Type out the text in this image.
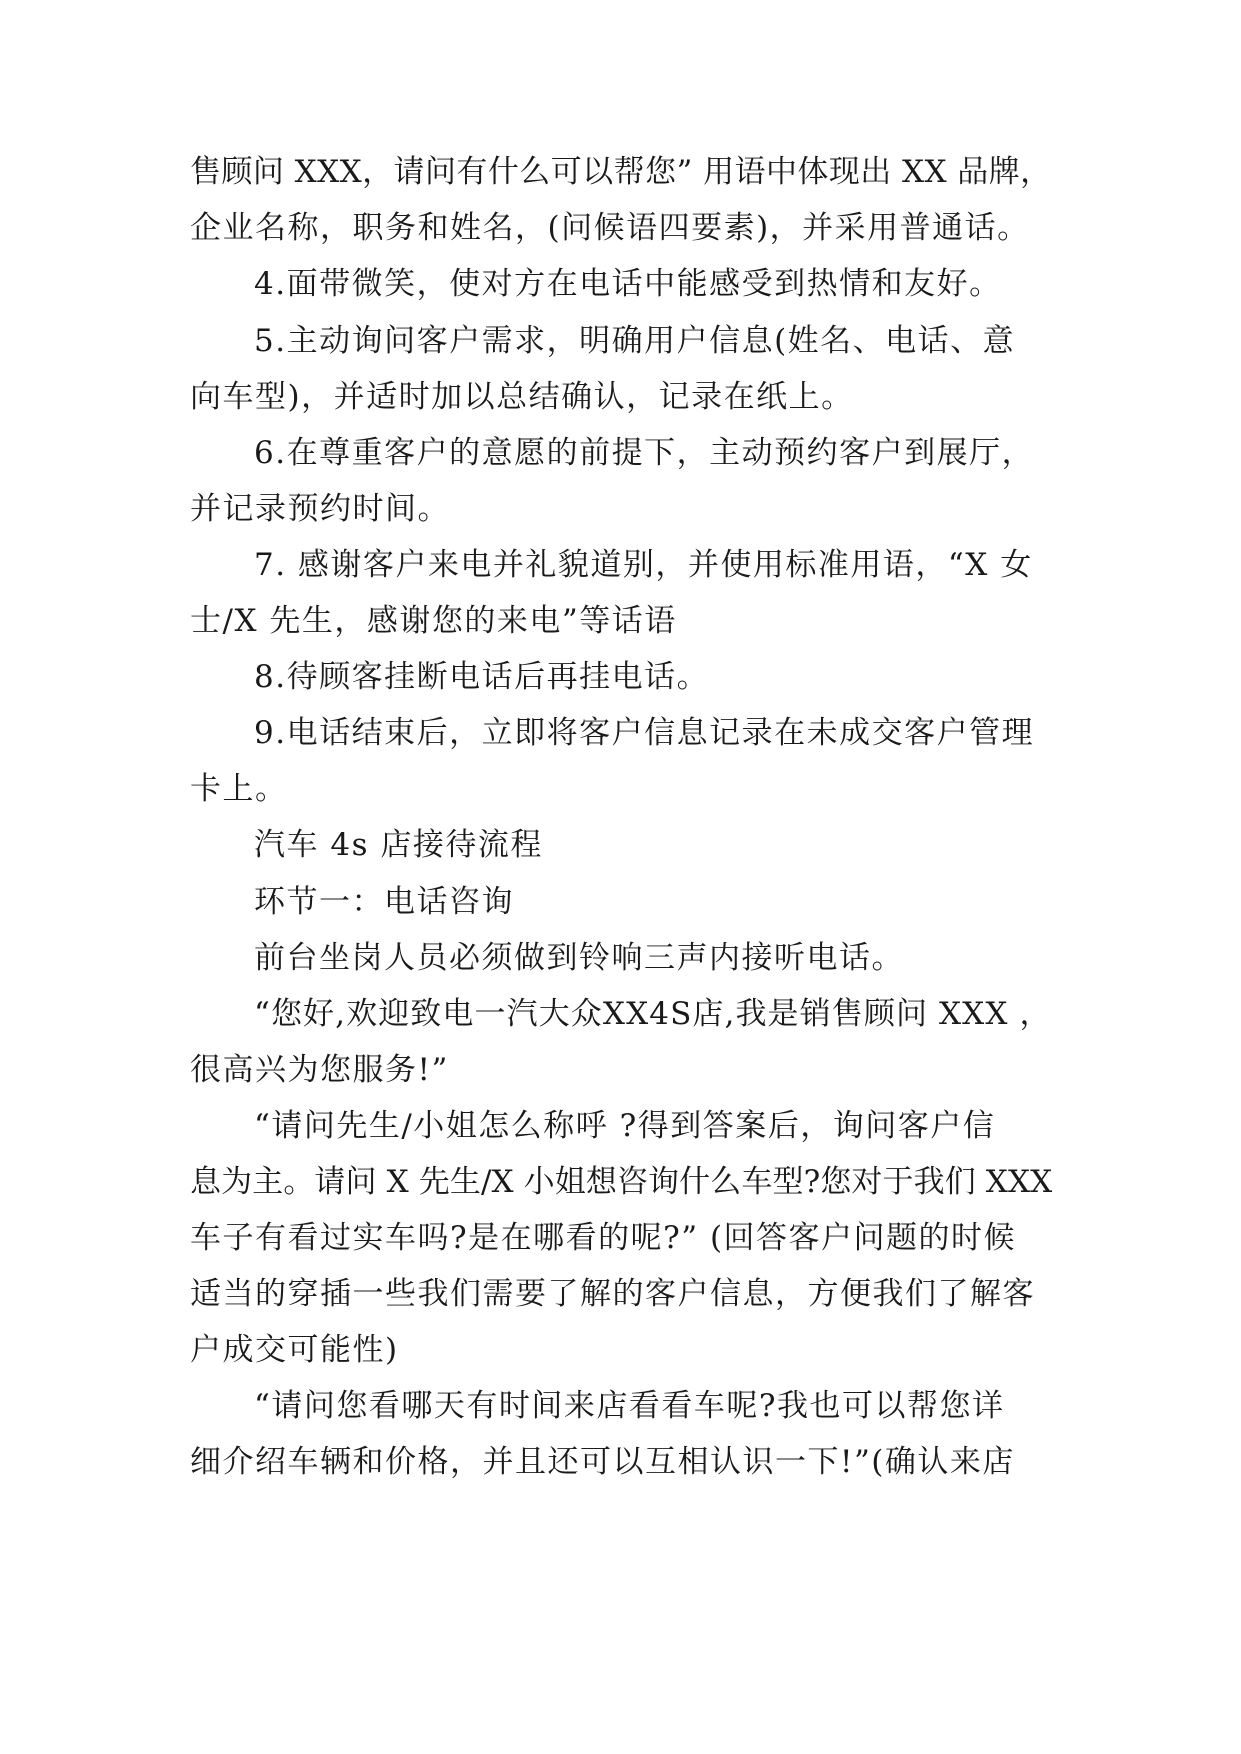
售顾问 XXX，请问有什么可以帮您” 用语中体现出 XX 品牌，
企业名称，职务和姓名，(问候语四要素)，并采用普通话。
4.面带微笑，使对方在电话中能感受到热情和友好。
5.主动询问客户需求，明确用户信息(姓名、电话、意
向车型)，并适时加以总结确认，记录在纸上。
6.在尊重客户的意愿的前提下，主动预约客户到展厅，
并记录预约时间。
7. 感谢客户来电并礼貌道别，并使用标准用语，“X 女
士/X 先生，感谢您的来电”等话语
8.待顾客挂断电话后再挂电话。
9.电话结束后，立即将客户信息记录在未成交客户管理
卡上。
汽车 4s 店接待流程
环节一：电话咨询
前台坐岗人员必须做到铃响三声内接听电话。
“您好,欢迎致电一汽大众XX4S店,我是销售顾问 XXX ，
很高兴为您服务!”
“请问先生/小姐怎么称呼 ?得到答案后，询问客户信
息为主。请问 X 先生/X 小姐想咨询什么车型?您对于我们 XXX
车子有看过实车吗?是在哪看的呢?” (回答客户问题的时候
适当的穿插一些我们需要了解的客户信息，方便我们了解客
户成交可能性)
“请问您看哪天有时间来店看看车呢?我也可以帮您详
细介绍车辆和价格，并且还可以互相认识一下!”(确认来店
